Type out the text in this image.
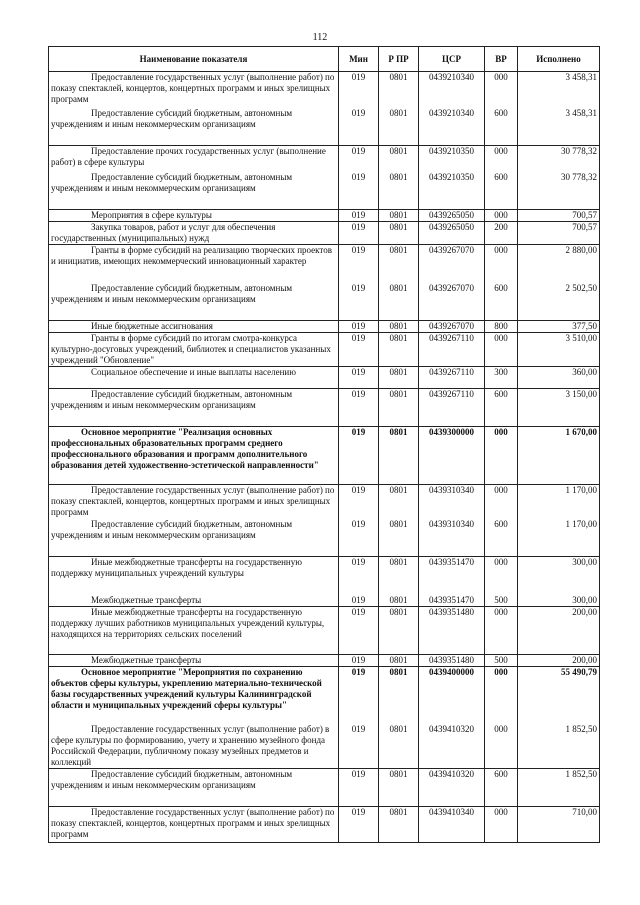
112
Наименование показателя	Мин	Р ПР	ЦСР	ВР	Исполнено
Предоставление государственных услуг (выполнение работ) по показу спектаклей, концертов, концертных программ и иных зрелищных программ	019	0801	0439210340	000	3 458,31
Предоставление субсидий бюджетным, автономным учреждениям и иным некоммерческим организациям	019	0801	0439210340	600	3 458,31
Предоставление прочих государственных услуг (выполнение работ) в сфере культуры	019	0801	0439210350	000	30 778,32
Предоставление субсидий бюджетным, автономным учреждениям и иным некоммерческим организациям	019	0801	0439210350	600	30 778,32
Мероприятия в сфере культуры	019	0801	0439265050	000	700,57
Закупка товаров, работ и услуг для обеспечения государственных (муниципальных) нужд	019	0801	0439265050	200	700,57
Гранты в форме субсидий на реализацию творческих проектов и инициатив, имеющих некоммерческий инновационный характер	019	0801	0439267070	000	2 880,00
Предоставление субсидий бюджетным, автономным учреждениям и иным некоммерческим организациям	019	0801	0439267070	600	2 502,50
Иные бюджетные ассигнования	019	0801	0439267070	800	377,50
Гранты в форме субсидий по итогам смотра-конкурса культурно-досуговых учреждений, библиотек и специалистов указанных учреждений "Обновление"	019	0801	0439267110	000	3 510,00
Социальное обеспечение и иные выплаты населению	019	0801	0439267110	300	360,00
Предоставление субсидий бюджетным, автономным учреждениям и иным некоммерческим организациям	019	0801	0439267110	600	3 150,00
Основное мероприятие "Реализация основных профессиональных образовательных программ среднего профессионального образования и программ дополнительного образования детей художественно-эстетической направленности"	019	0801	0439300000	000	1 670,00
Предоставление государственных услуг (выполнение работ) по показу спектаклей, концертов, концертных программ и иных зрелищных программ	019	0801	0439310340	000	1 170,00
Предоставление субсидий бюджетным, автономным учреждениям и иным некоммерческим организациям	019	0801	0439310340	600	1 170,00
Иные межбюджетные трансферты на государственную поддержку муниципальных учреждений культуры	019	0801	0439351470	000	300,00
Межбюджетные трансферты	019	0801	0439351470	500	300,00
Иные межбюджетные трансферты на государственную поддержку лучших работников муниципальных учреждений культуры, находящихся на территориях сельских поселений	019	0801	0439351480	000	200,00
Межбюджетные трансферты	019	0801	0439351480	500	200,00
Основное мероприятие "Мероприятия по сохранению объектов сферы культуры, укреплению материально-технической базы государственных учреждений культуры Калининградской области и муниципальных учреждений сферы культуры"	019	0801	0439400000	000	55 490,79
Предоставление государственных услуг (выполнение работ) в сфере культуры по формированию, учету и хранению музейного фонда Российской Федерации, публичному показу музейных предметов и коллекций	019	0801	0439410320	000	1 852,50
Предоставление субсидий бюджетным, автономным учреждениям и иным некоммерческим организациям	019	0801	0439410320	600	1 852,50
Предоставление государственных услуг (выполнение работ) по показу спектаклей, концертов, концертных программ и иных зрелищных программ	019	0801	0439410340	000	710,00
